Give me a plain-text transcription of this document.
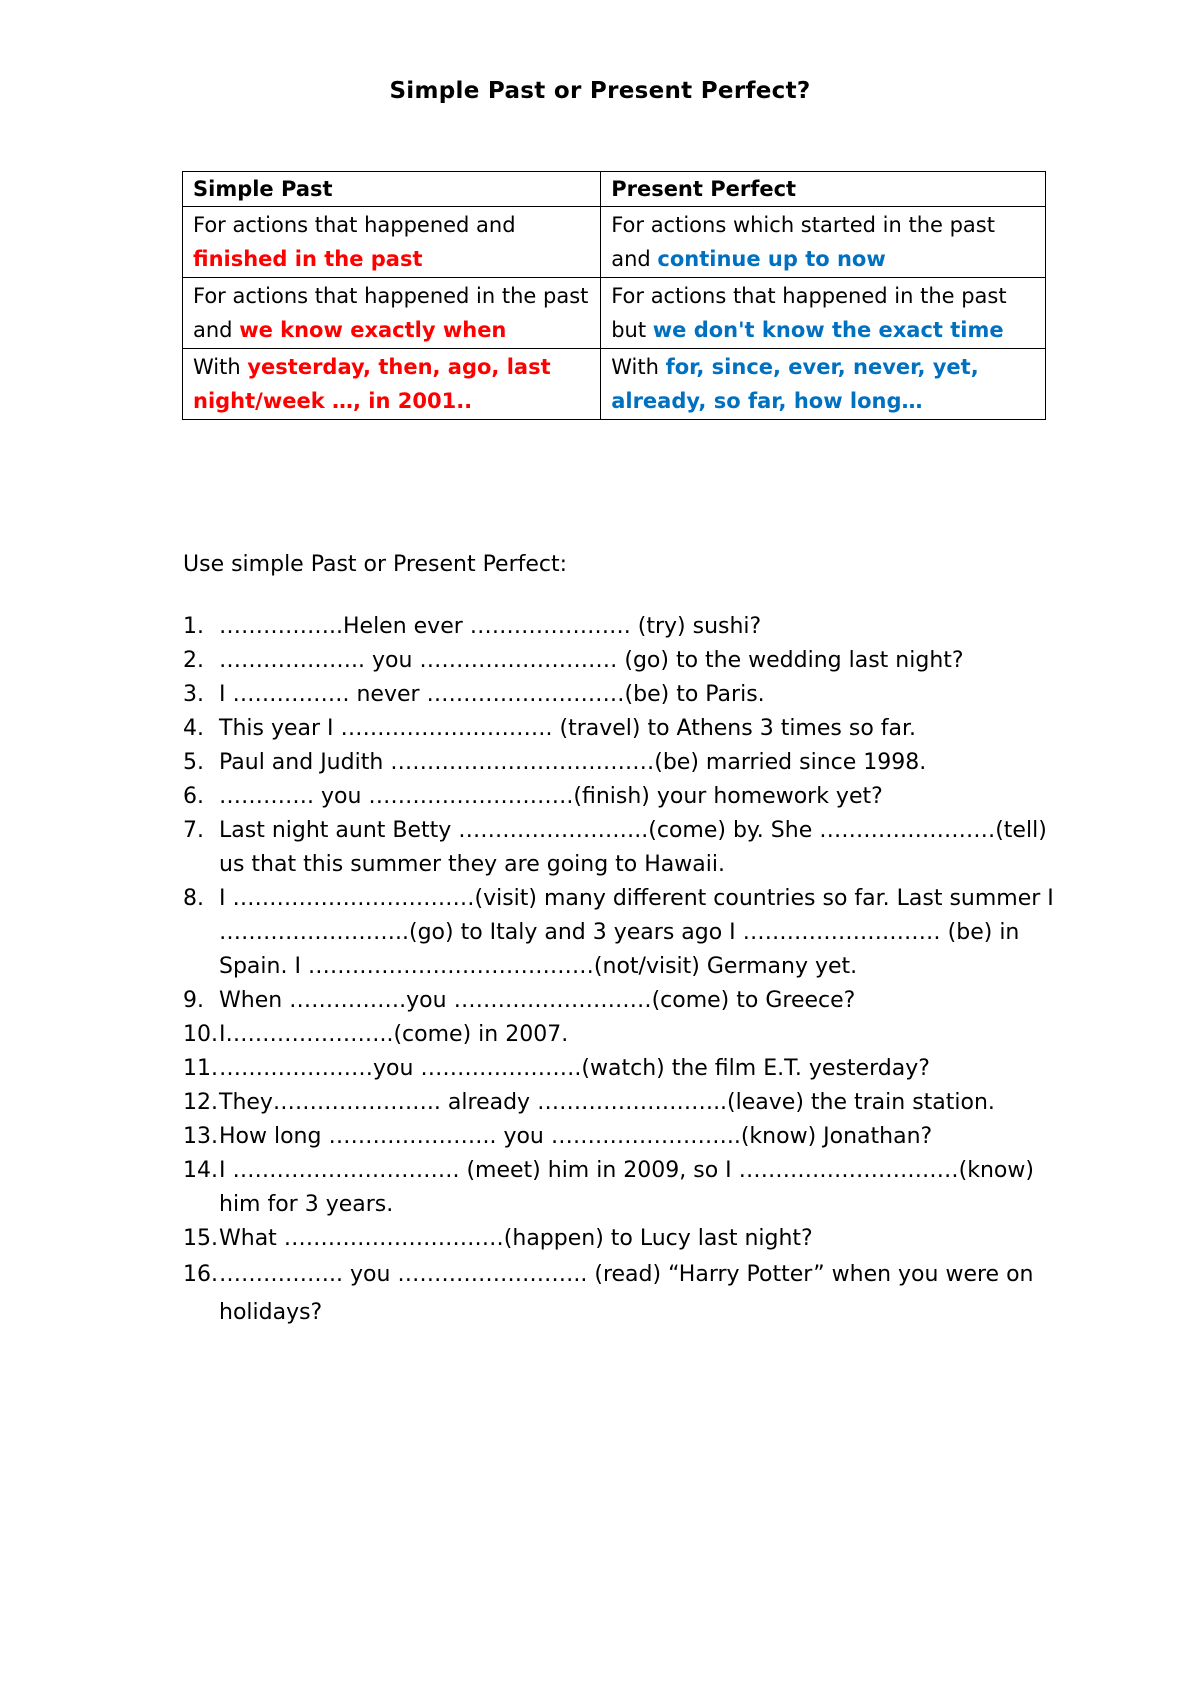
Simple Past or Present Perfect?
Simple Past	Present Perfect
For actions that happened and finished in the past	For actions which started in the past and continue up to now
For actions that happened in the past and we know exactly when	For actions that happened in the past but we don't know the exact time
With yesterday, then, ago, last night/week …, in 2001..	With for, since, ever, never, yet, already, so far, how long…
Use simple Past or Present Perfect:
1. ……………..Helen ever …………………. (try) sushi?
2. ……………….. you ……………………… (go) to the wedding last night?
3. I ……………. never ………………………(be) to Paris.
4. This year I ……………….………. (travel) to Athens 3 times so far.
5. Paul and Judith ………………………………(be) married since 1998.
6. …………. you ……………………….(finish) your homework yet?
7. Last night aunt Betty ……………………..(come) by. She ……………………(tell) us that this summer they are going to Hawaii.
8. I ……………………………(visit) many different countries so far. Last summer I ……………………..(go) to Italy and 3 years ago I ……………………… (be) in Spain. I …………………………………(not/visit) Germany yet.
9. When …………….you ………………………(come) to Greece?
10. I…………………..(come) in 2007.
11. …………………you ………………….(watch) the film E.T. yesterday?
12. They………………….. already ……………………..(leave) the train station.
13. How long ………………….. you ……………………..(know) Jonathan?
14. I …………………………. (meet) him in 2009, so I …………………………(know) him for 3 years.
15. What …………………………(happen) to Lucy last night?
16. …………….. you …………………….. (read) “Harry Potter” when you were on holidays?
